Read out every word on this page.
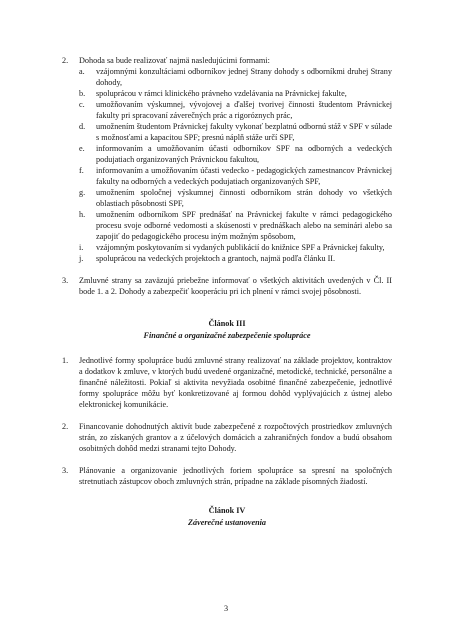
2. Dohoda sa bude realizovať najmä nasledujúcimi formami:
a. vzájomnými konzultáciami odborníkov jednej Strany dohody s odborníkmi druhej Strany dohody,
b. spoluprácou v rámci klinického právneho vzdelávania na Právnickej fakulte,
c. umožňovaním výskumnej, vývojovej a ďalšej tvorivej činnosti študentom Právnickej fakulty pri spracovaní záverečných prác a rigoróznych prác,
d. umožnením študentom Právnickej fakulty vykonať bezplatnú odbornú stáž v SPF v súlade s možnosťami a kapacitou SPF; presnú náplň stáže určí SPF,
e. informovaním a umožňovaním účasti odborníkov SPF na odborných a vedeckých podujatiach organizovaných Právnickou fakultou,
f. informovaním a umožňovaním účasti vedecko - pedagogických zamestnancov Právnickej fakulty na odborných a vedeckých podujatiach organizovaných SPF,
g. umožnením spoločnej výskumnej činnosti odborníkom strán dohody vo všetkých oblastiach pôsobnosti SPF,
h. umožnením odborníkom SPF prednášať na Právnickej fakulte v rámci pedagogického procesu svoje odborné vedomosti a skúsenosti v prednáškach alebo na seminári alebo sa zapojiť do pedagogického procesu iným možným spôsobom,
i. vzájomným poskytovaním si vydaných publikácií do knižnice SPF a Právnickej fakulty,
j. spoluprácou na vedeckých projektoch a grantoch, najmä podľa článku II.
3. Zmluvné strany sa zaväzujú priebežne informovať o všetkých aktivitách uvedených v Čl. II bode 1. a 2. Dohody a zabezpečiť kooperáciu pri ich plnení v rámci svojej pôsobnosti.
Článok III
Finančné a organizačné zabezpečenie spolupráce
1. Jednotlivé formy spolupráce budú zmluvné strany realizovať na základe projektov, kontraktov a dodatkov k zmluve, v ktorých budú uvedené organizačné, metodické, technické, personálne a finančné náležitosti. Pokiaľ si aktivita nevyžiada osobitné finančné zabezpečenie, jednotlivé formy spolupráce môžu byť konkretizované aj formou dohôd vyplývajúcich z ústnej alebo elektronickej komunikácie.
2. Financovanie dohodnutých aktivít bude zabezpečené z rozpočtových prostriedkov zmluvných strán, zo získaných grantov a z účelových domácich a zahraničných fondov a budú obsahom osobitných dohôd medzi stranami tejto Dohody.
3. Plánovanie a organizovanie jednotlivých foriem spolupráce sa spresní na spoločných stretnutiach zástupcov oboch zmluvných strán, prípadne na základe písomných žiadostí.
Článok IV
Záverečné ustanovenia
3
